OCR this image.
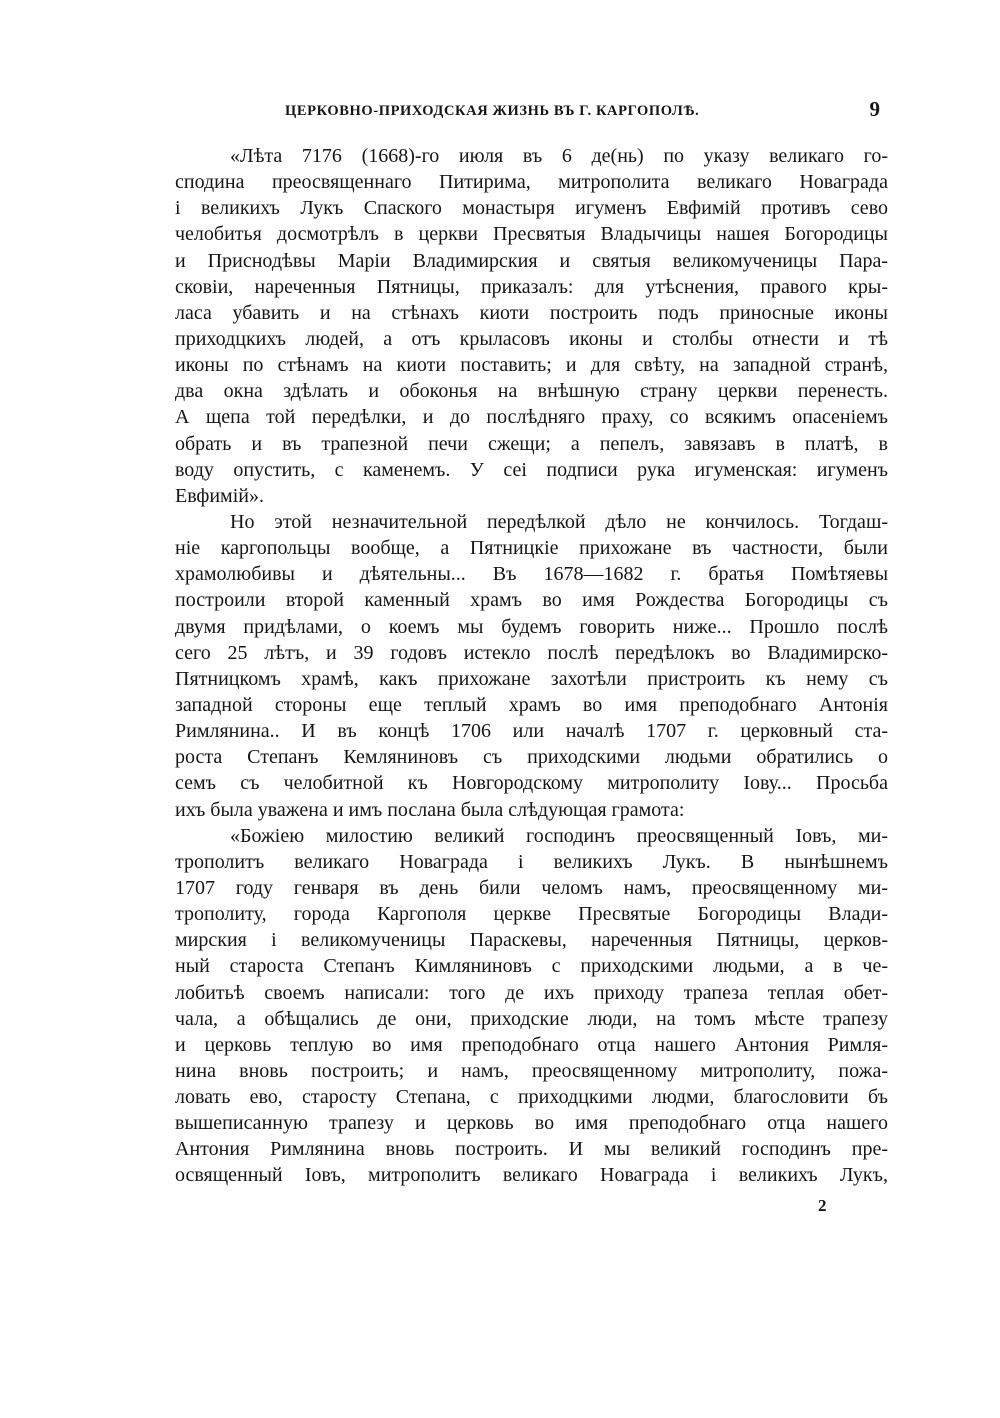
ЦЕРКОВНО-ПРИХОДСКАЯ ЖИЗНЬ ВЪ Г. КАРГОПОЛѢ.	9
«Лѣта 7176 (1668)-го июля въ 6 де(нь) по указу великаго го-
сподина преосвященнаго Питирима, митрополита великаго Новаграда
і великихъ Лукъ Спаского монастыря игуменъ Евфимій противъ сево
челобитья досмотрѣлъ в церкви Пресвятыя Владычицы нашея Богородицы
и Приснодѣвы Маріи Владимирския и святыя великомученицы Пара-
сковіи, нареченныя Пятницы, приказалъ: для утѣснения, правого кры-
ласа убавить и на стѣнахъ киоти построить подъ приносные иконы
приходцкихъ людей, а отъ крыласовъ иконы и столбы отнести и тѣ
иконы по стѣнамъ на киоти поставить; и для свѣту, на западной странѣ,
два окна здѣлать и обоконья на внѣшную страну церкви перенесть.
А щепа той передѣлки, и до послѣдняго праху, со всякимъ опасеніемъ
обрать и въ трапезной печи сжещи; а пепелъ, завязавъ в платѣ, в
воду опустить, с каменемъ. У сеі подписи рука игуменская: игуменъ
Евфимій».
Но этой незначительной передѣлкой дѣло не кончилось. Тогдаш-
ніе каргопольцы вообще, а Пятницкіе прихожане въ частности, были
храмолюбивы и дѣятельны... Въ 1678—1682 г. братья Помѣтяевы
построили второй каменный храмъ во имя Рождества Богородицы съ
двумя придѣлами, о коемъ мы будемъ говорить ниже... Прошло послѣ
сего 25 лѣтъ, и 39 годовъ истекло послѣ передѣлокъ во Владимирско-
Пятницкомъ храмѣ, какъ прихожане захотѣли пристроить къ нему съ
западной стороны еще теплый храмъ во имя преподобнаго Антонія
Римлянина.. И въ концѣ 1706 или началѣ 1707 г. церковный ста-
роста Степанъ Кемляниновъ съ приходскими людьми обратились о
семъ съ челобитной къ Новгородскому митрополиту Іову... Просьба
ихъ была уважена и имъ послана была слѣдующая грамота:
«Божіею милостию великий господинъ преосвященный Іовъ, ми-
трополитъ великаго Новаграда і великихъ Лукъ. В нынѣшнемъ
1707 году генваря въ день били челомъ намъ, преосвященному ми-
трополиту, города Каргополя церкве Пресвятые Богородицы Влади-
мирския і великомученицы Параскевы, нареченныя Пятницы, церков-
ный староста Степанъ Кимляниновъ с приходскими людьми, а в че-
лобитьѣ своемъ написали: того де ихъ приходу трапеза теплая обет-
чала, а обѣщались де они, приходские люди, на томъ мѣсте трапезу
и церковь теплую во имя преподобнаго отца нашего Антония Римля-
нина вновь построить; и намъ, преосвященному митрополиту, пожа-
ловать ево, старосту Степана, с приходцкими людми, благословити бъ
вышеписанную трапезу и церковь во имя преподобнаго отца нашего
Антония Римлянина вновь построить. И мы великий господинъ пре-
освященный Іовъ, митрополитъ великаго Новаграда і великихъ Лукъ,
2
